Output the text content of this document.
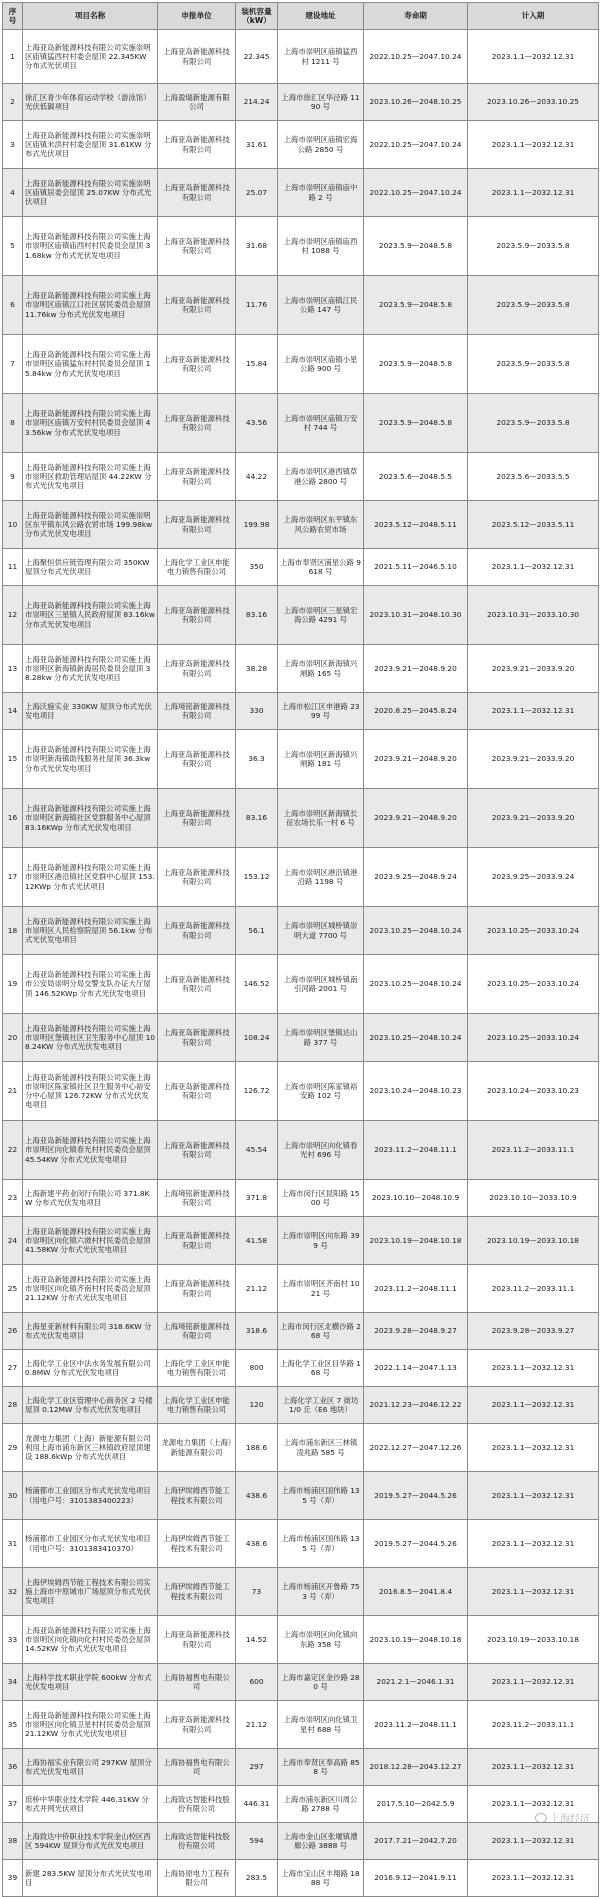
序号	项目名称	申报单位	装机容量（kW）	建设地址	寿命期	计入期
1	上海亚岛新能源科技有限公司实施崇明区庙镇猛西村村委会屋顶 22.345KW 分布式光伏项目	上海亚岛新能源科技有限公司	22.345	上海市崇明区庙镇猛西村 1211 号	2022.10.25—2047.10.24	2023.1.1—2032.12.31
2	徐汇区青少年体育运动学校（游泳馆）光伏低碳项目	上海盈瑞新能源有限公司	214.24	上海市徐汇区华泾路 1190 号	2023.10.26—2048.10.25	2023.10.26—2033.10.25
3	上海亚岛新能源科技有限公司实施崇明区庙镇米洪村村委会屋顶 31.61KW 分布式光伏项目	上海亚岛新能源科技有限公司	31.61	上海市崇明区庙镇宏海公路 2850 号	2022.10.25—2047.10.24	2023.1.1—2032.12.31
4	上海亚岛新能源科技有限公司实施崇明区庙镇居委会屋顶 25.07KW 分布式光伏项目	上海亚岛新能源科技有限公司	25.07	上海市崇明区庙镇庙中路 2 号	2022.10.25—2047.10.24	2023.1.1—2032.12.31
5	上海亚岛新能源科技有限公司实施上海市崇明区庙镇庙西村村民委员会屋顶 31.68kw 分布式光伏发电项目	上海亚岛新能源科技有限公司	31.68	上海市崇明区庙镇庙西村 1088 号	2023.5.9—2048.5.8	2023.5.9—2033.5.8
6	上海亚岛新能源科技有限公司实施上海市崇明区庙镇江口社区居民委员会屋顶 11.76kw 分布式光伏发电项目	上海亚岛新能源科技有限公司	11.76	上海市崇明区庙镇江民公路 147 号	2023.5.9—2048.5.8	2023.5.9—2033.5.8
7	上海亚岛新能源科技有限公司实施上海市崇明区庙镇猛东村村民委员会屋顶 15.84kw 分布式光伏发电项目	上海亚岛新能源科技有限公司	15.84	上海市崇明区庙镇小星公路 900 号	2023.5.9—2048.5.8	2023.5.9—2033.5.8
8	上海亚岛新能源科技有限公司实施上海市崇明区庙镇万安村村民委员会屋顶 43.56kw 分布式光伏发电项目	上海亚岛新能源科技有限公司	43.56	上海市崇明区庙镇万安村 744 号	2023.5.9—2048.5.8	2023.5.9—2033.5.8
9	上海亚岛新能源科技有限公司实施上海市崇明区救助管理站屋顶 44.22KW 分布式光伏发电项目	上海亚岛新能源科技有限公司	44.22	上海市崇明区港西镇草港公路 2800 号	2023.5.6—2048.5.5	2023.5.6—2033.5.5
10	上海亚岛新能源科技有限公司实施崇明区东平镇东风公路农贸市场 199.98kw 分布式光伏发电项目	上海亚岛新能源科技有限公司	199.98	上海市崇明区东平镇东风公路农贸市场	2023.5.12—2048.5.11	2023.5.12—2033.5.11
11	上海聚恒供应链管理有限公司 350KW 屋顶分布式光伏项目	上海化学工业区申能电力销售有限公司	350	上海市奉贤区浦星公路 9618 号	2021.5.11—2046.5.10	2023.1.1—2032.12.31
12	上海亚岛新能源科技有限公司实施上海市崇明区三星镇人民政府屋顶 83.16kw 分布式光伏发电项目	上海亚岛新能源科技有限公司	83.16	上海市崇明区三星镇宏海公路 4291 号	2023.10.31—2048.10.30	2023.10.31—2033.10.30
13	上海亚岛新能源科技有限公司实施上海市崇明区新海镇新海居民委员会屋顶 38.28kw 分布式光伏发电项目	上海亚岛新能源科技有限公司	38.28	上海市崇明区新海镇兴闸路 165 号	2023.9.21—2048.9.20	2023.9.21—2033.9.20
14	上海沃施实业 330KW 屋顶分布式光伏发电项目	上海境铭新能源科技有限公司	330	上海市松江区申港路 2399 号	2020.8.25—2045.8.24	2023.1.1—2032.12.31
15	上海亚岛新能源科技有限公司实施上海市崇明新海镇助残服务社屋顶 36.3kw 分布式光伏发电项目	上海亚岛新能源科技有限公司	36.3	上海市崇明区新海镇兴闸路 181 号	2023.9.21—2048.9.20	2023.9.21—2033.9.20
16	上海亚岛新能源科技有限公司实施上海市崇明区新海镇社区党群服务中心屋顶 83.16KWp 分布式光伏发电项目	上海亚岛新能源科技有限公司	83.16	上海市崇明区新海镇长征农场长乐一村 6 号	2023.9.21—2048.9.20	2023.9.21—2033.9.20
17	上海亚岛新能源科技有限公司实施上海市崇明区港沿镇社区党群中心屋顶 153.12KWp 分布式光伏项目	上海亚岛新能源科技有限公司	153.12	上海市崇明区港沿镇港沿路 1198 号	2023.9.25—2048.9.24	2023.9.25—2033.9.24
18	上海亚岛新能源科技有限公司实施上海市崇明区人民检察院屋顶 56.1kw 分布式光伏发电项目	上海亚岛新能源科技有限公司	56.1	上海市崇明区城桥镇崇明大道 7700 号	2023.10.25—2048.10.24	2023.10.25—2033.10.24
19	上海亚岛新能源科技有限公司实施上海市公安局崇明分局交警支队办证大厅屋顶 146.52KWp 分布式光伏发电项目	上海亚岛新能源科技有限公司	146.52	上海市崇明区城桥镇南引河路 2001 号	2023.10.25—2048.10.24	2023.10.25—2033.10.24
20	上海亚岛新能源科技有限公司实施上海市崇明区堡镇社区卫生服务中心屋顶 108.24KW 分布式光伏发电项目	上海亚岛新能源科技有限公司	108.24	上海市崇明区堡镇达山路 377 号	2023.10.25—2048.10.24	2023.10.25—2033.10.24
21	上海亚岛新能源科技有限公司实施上海市崇明区陈家镇社区卫生服务中心裕安分中心屋顶 126.72KW 分布式光伏发电项目	上海亚岛新能源科技有限公司	126.72	上海市崇明区陈家镇裕安路 102 号	2023.10.24—2048.10.23	2023.10.24—2033.10.23
22	上海亚岛新能源科技有限公司实施上海市崇明区向化镇春光村村民委员会屋顶 45.54KW 分布式光伏发电项目	上海亚岛新能源科技有限公司	45.54	上海市崇明区向化镇春光村 696 号	2023.11.2—2048.11.1	2023.11.2—2033.11.1
23	上海新建平药业闵行有限公司 371.8KW 分布式光伏发电项目	上海境铭新能源科技有限公司	371.8	上海市闵行区昆阳路 1500 号	2023.10.10—2048.10.9	2023.10.10—2033.10.9
24	上海亚岛新能源科技有限公司实施上海市崇明区向化镇六滧村村民委员会屋顶 41.58KW 分布式光伏发电项目	上海亚岛新能源科技有限公司	41.58	上海市崇明区向东路 399 号	2023.10.19—2048.10.18	2023.10.19—2033.10.18
25	上海亚岛新能源科技有限公司实施上海市崇明区向化镇齐南村村民委员会屋顶 21.12KW 分布式光伏发电项目	上海亚岛新能源科技有限公司	21.12	上海市崇明区齐南村 1021 号	2023.11.2—2048.11.1	2023.11.2—2033.11.1
26	上海星亚新材料有限公司 318.6KW 分布式光伏发电项目	上海境铭新能源科技有限公司	318.6	上海市闵行区北横沙路 268 号	2023.9.28—2048.9.27	2023.9.28—2033.9.27
27	上海化学工业区中法水务发展有限公司 0.8MW 分布式光伏发电项目	上海化学工业区申能电力销售有限公司	800	上海化学工业区目华路 168 号	2022.1.14—2047.1.13	2023.1.1—2032.12.31
28	上海化学工业区管理中心商务区 2 号楼屋顶 0.12MW 分布式光伏发电项目	上海化学工业区申能电力销售有限公司	120	上海化学工业区 7 街坊 1/0 丘（E6 地块）	2021.12.23—2046.12.22	2023.1.1—2032.12.31
29	龙源电力集团（上海）新能源有限公司利用上海市浦东新区三林镇政府屋顶建设 188.6kWp 分布式光伏项目	龙源电力集团（上海）新能源有限公司	188.6	上海市浦东新区三林镇凌兆路 585 号	2022.12.27—2047.12.26	2023.1.1—2032.12.31
30	杨浦都市工业园区分布式光伏发电项目（用电户号：3101383400223）	上海伊埃姆西节能工程技术有限公司	438.6	上海市杨浦区国伟路 135 号（弄）	2019.5.27—2044.5.26	2023.1.1—2032.12.31
31	杨浦都市工业园区分布式光伏发电项目（用电户号：3101383410370）	上海伊埃姆西节能工程技术有限公司	438.6	上海市杨浦区国伟路 135 号（弄）	2019.5.27—2044.5.26	2023.1.1—2032.12.31
32	上海伊埃姆西节能工程技术有限公司实施上海市中原城市广场屋顶分布式光伏发电项目	上海伊埃姆西节能工程技术有限公司	73	上海市杨浦区开鲁路 753 号（弄）	2016.8.5—2041.8.4	2023.1.1—2032.12.31
33	上海亚岛新能源科技有限公司实施上海市崇明区向化镇向化村村民委员会屋顶 14.52KW 分布式光伏发电项目	上海亚岛新能源科技有限公司	14.52	上海市崇明区向化镇向东路 358 号	2023.10.19—2048.10.18	2023.10.19—2033.10.18
34	上海科学技术职业学院 600kW 分布式光伏发电项目	上海协福售电有限公司	600	上海市嘉定区金沙路 280 号	2021.2.1—2046.1.31	2023.1.1—2032.12.31
35	上海亚岛新能源科技有限公司实施上海市崇明区向化镇卫星村村民委员会屋顶 21.12KW 分布式光伏发电项目	上海亚岛新能源科技有限公司	21.12	上海市崇明区向化镇卫星村 688 号	2023.11.2—2048.11.1	2023.11.2—2033.11.1
36	上海协福实业有限公司 297KW 屋顶分布式光伏发电项目	上海协福售电有限公司	297	上海市奉贤区奉高路 858 号	2018.12.28—2043.12.27	2023.1.1—2032.12.31
37	庶桥中华职业技术学院 446.31KW 分布式并网光伏项目	上海致达智能科技股份有限公司	446.31	上海市浦东新区川周公路 2788 号	2017.5.10—2042.5.9	2023.1.1—2032.12.31
38	上海致达中侨职业技术学院金山校区西区 594KW 屋顶分布式光伏发电项目	上海致达智能科技股份有限公司	594	上海市金山区张堰镇漕廊公路 3888 号	2017.7.21—2042.7.20	2023.1.1—2032.12.31
39	新建 283.5KW 屋顶分布式光伏发电项目	上海协原电力工程有限公司	283.5	上海市宝山区丰翔路 1888 号	2016.9.12—2041.9.11	2023.1.1—2032.12.31
上海经济
